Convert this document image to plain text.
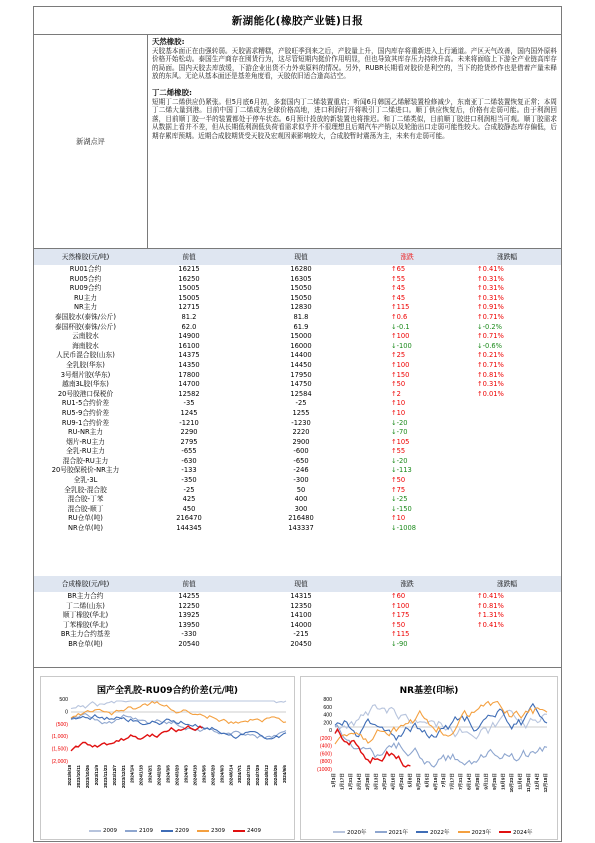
新湖能化(橡胶产业链)日报
新湖点评
天然橡胶:
天胶基本面正在由强转弱。天胶需求糟糕，产胶旺季到来之后，产胶量上升，国内库存将重新进入上行通道。产区天气改善，国内国外原料价格开始松动。泰国生产商存在囤货行为，这尽管短期内挺价作用明显，但也导致其库存压力持续升高。未来将面临上下游全产业链高库存的局面。国内天胶去库放缓，下游企业出货不力外卖原料的情况。另外，RUBR长期看对胶价是利空的，当下的抢货炒作也是借着产量未释放的东风。无论从基本面还是基差角度看，天胶依旧适合逢高沽空。
丁二烯橡胶:
短期丁二烯供应仍紧张。但5月底6月初，多套国内丁二烯装置重启；听闻6月韩国乙烯解装置检修减少，东南亚丁二烯装置恢复正常；本周丁二烯大量到港。目前中国丁二烯成为全球价格高地，进口利润打开将吸引丁二烯进口。顺丁供应恢复后，价格有走弱可能。由于利润回落，目前顺丁胶一半的装置都处于停车状态。6月预计投放的新装置也将推迟。和丁二烯类似，目前顺丁胶进口利润相当可观。顺丁胶需求从数据上看并不差，但从长期低利润低负荷看需求似乎并不很理想且后期汽车产销以及轮胎出口走弱可能性较大。合成胶静态库存偏低，后期存累库预期。近期合成胶期货受天胶及宏观因素影响较大，合成胶暂时震荡为主，未来有走弱可能。
天然橡胶(元/吨)	前值	现值	涨跌	涨跌幅
RU01合约	16215	16280	↑65	↑0.41%
RU05合约	16250	16305	↑55	↑0.31%
RU09合约	15005	15050	↑45	↑0.31%
RU主力	15005	15050	↑45	↑0.31%
NR主力	12715	12830	↑115	↑0.91%
泰国胶水(泰铢/公斤)	81.2	81.8	↑0.6	↑0.71%
泰国杯胶(泰铢/公斤)	62.0	61.9	↓-0.1	↓-0.2%
云南胶水	14900	15000	↑100	↑0.71%
海南胶水	16100	16000	↓-100	↓-0.6%
人民币混合胶(山东)	14375	14400	↑25	↑0.21%
全乳胶(华东)	14350	14450	↑100	↑0.71%
3号烟片胶(华东)	17800	17950	↑150	↑0.81%
越南3L胶(华东)	14700	14750	↑50	↑0.31%
20号胶港口保税价	12582	12584	↑2	↑0.01%
RU1-5合约价差	-35	-25	↑10	
RU5-9合约价差	1245	1255	↑10	
RU9-1合约价差	-1210	-1230	↓-20	
RU-NR主力	2290	2220	↓-70	
烟片-RU主力	2795	2900	↑105	
全乳-RU主力	-655	-600	↑55	
混合胶-RU主力	-630	-650	↓-20	
20号胶保税价-NR主力	-133	-246	↓-113	
全乳-3L	-350	-300	↑50	
全乳胶-混合胶	-25	50	↑75	
混合胶-丁苯	425	400	↓-25	
混合胶-顺丁	450	300	↓-150	
RU仓单(吨)	216470	216480	↑10	
NR仓单(吨)	144345	143337	↓-1008	
合成橡胶(元/吨)	前值	现值	涨跌	涨跌幅
BR主力合约	14255	14315	↑60	↑0.41%
丁二烯(山东)	12250	12350	↑100	↑0.81%
顺丁橡胶(华北)	13925	14100	↑175	↑1.31%
丁苯橡胶(华北)	13950	14000	↑50	↑0.41%
BR主力合约基差	-330	-215	↑115	
BR仓单(吨)	20540	20450	↓-90	
国产全乳胶-RU09合约价差(元/吨)
500
0
(500)
(1,000)
(1,500)
(2,000)
2023/9/18 2023/10/11 2023/10/26 2023/11/9 2023/11/23 2023/12/7 2023/12/21 2024/1/4 2024/1/18 2024/2/1 2024/2/20 2024/3/6 2024/3/20 2024/4/3 2024/4/18 2024/5/6 2024/5/20 2024/6/3 2024/6/14 2024/7/1 2024/7/15 2024/7/29 2024/8/12 2024/8/26 2024/9/6
2009	2109	2209	2309	2409
NR基差(印标)
800
600
400
200
0
(200)
(400)
(600)
(800)
(1000)
1月3日 1月17日 1月31日 2月14日 2月28日 3月13日 3月27日 4月10日 4月24日 5月8日 5月22日 6月5日 6月19日 7月3日 7月17日 7月31日 8月14日 8月28日 9月11日 9月25日 10月9日 10月23日 11月6日 11月20日 12月4日 12月18日
2020年	2021年	2022年	2023年	2024年
